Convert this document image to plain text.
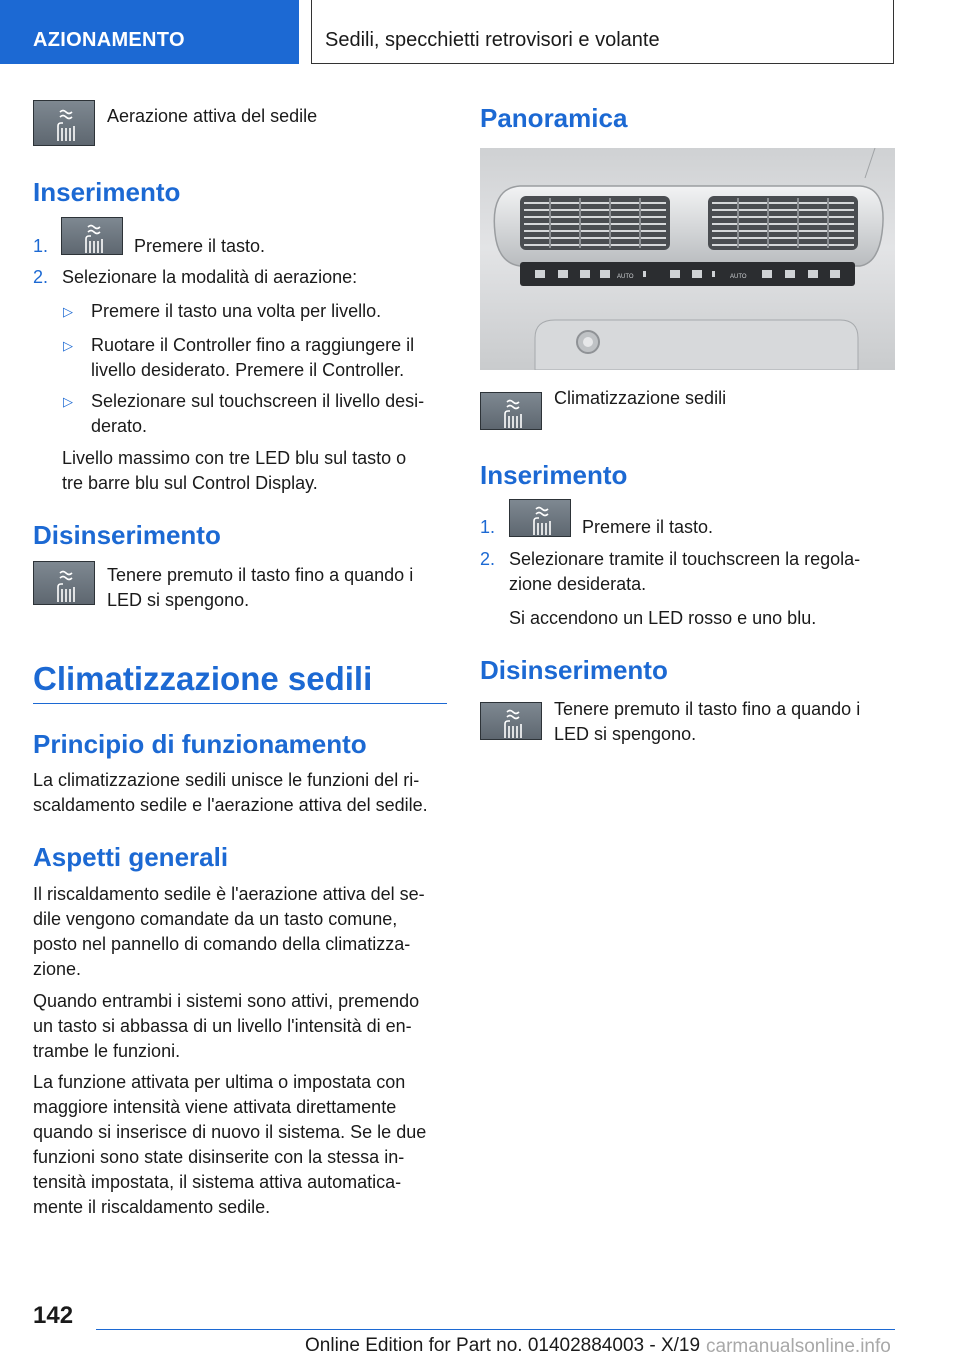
AZIONAMENTO	Sedili, specchietti retrovisori e volante
Aerazione attiva del sedile
Inserimento
1.	Premere il tasto.
2. Selezionare la modalità di aerazione:
▷ Premere il tasto una volta per livello.
▷ Ruotare il Controller fino a raggiungere il
livello desiderato. Premere il Controller.
▷ Selezionare sul touchscreen il livello desi-
derato.
Livello massimo con tre LED blu sul tasto o
tre barre blu sul Control Display.
Disinserimento
Tenere premuto il tasto fino a quando i
LED si spengono.
Climatizzazione sedili
Principio di funzionamento
La climatizzazione sedili unisce le funzioni del ri-
scaldamento sedile e l'aerazione attiva del sedile.
Aspetti generali
Il riscaldamento sedile è l'aerazione attiva del se-
dile vengono comandate da un tasto comune,
posto nel pannello di comando della climatizza-
zione.
Quando entrambi i sistemi sono attivi, premendo
un tasto si abbassa di un livello l'intensità di en-
trambe le funzioni.
La funzione attivata per ultima o impostata con
maggiore intensità viene attivata direttamente
quando si inserisce di nuovo il sistema. Se le due
funzioni sono state disinserite con la stessa in-
tensità impostata, il sistema attiva automatica-
mente il riscaldamento sedile.
Panoramica
AUTO	AUTO
Climatizzazione sedili
Inserimento
1.	Premere il tasto.
2. Selezionare tramite il touchscreen la regola-
zione desiderata.
Si accendono un LED rosso e uno blu.
Disinserimento
Tenere premuto il tasto fino a quando i
LED si spengono.
142
Online Edition for Part no. 01402884003 - X/19 carmanualsonline.info
